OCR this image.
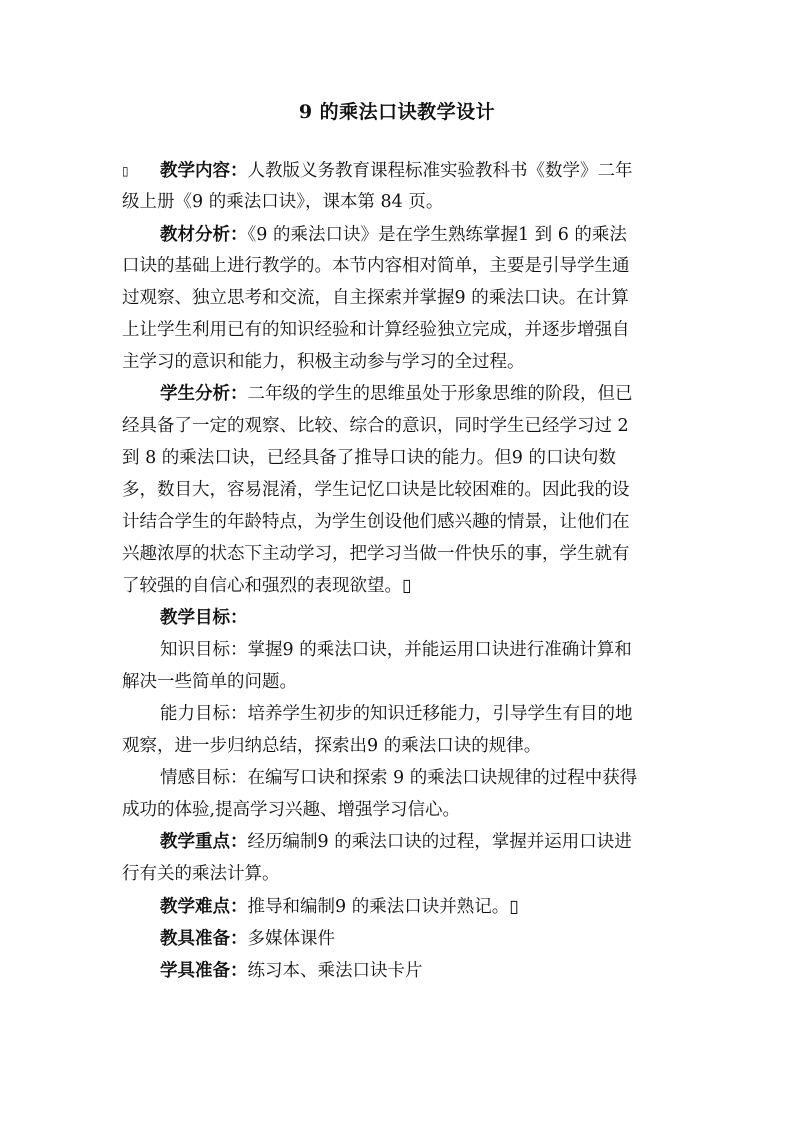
9 的乘法口诀教学设计
▯ 教学内容：人教版义务教育课程标准实验教科书《数学》二年
级上册《9 的乘法口诀》，课本第 84 页。
教材分析：《9 的乘法口诀》是在学生熟练掌握1 到 6 的乘法
口诀的基础上进行教学的。本节内容相对简单，主要是引导学生通
过观察、独立思考和交流，自主探索并掌握9 的乘法口诀。在计算
上让学生利用已有的知识经验和计算经验独立完成，并逐步增强自
主学习的意识和能力，积极主动参与学习的全过程。
学生分析：二年级的学生的思维虽处于形象思维的阶段，但已
经具备了一定的观察、比较、综合的意识，同时学生已经学习过 2
到 8 的乘法口诀，已经具备了推导口诀的能力。但9 的口诀句数
多，数目大，容易混淆，学生记忆口诀是比较困难的。因此我的设
计结合学生的年龄特点，为学生创设他们感兴趣的情景，让他们在
兴趣浓厚的状态下主动学习，把学习当做一件快乐的事，学生就有
了较强的自信心和强烈的表现欲望。▯
教学目标：
知识目标：掌握9 的乘法口诀，并能运用口诀进行准确计算和
解决一些简单的问题。
能力目标：培养学生初步的知识迁移能力，引导学生有目的地
观察，进一步归纳总结，探索出9 的乘法口诀的规律。
情感目标：在编写口诀和探索 9 的乘法口诀规律的过程中获得
成功的体验,提高学习兴趣、增强学习信心。
教学重点：经历编制9 的乘法口诀的过程，掌握并运用口诀进
行有关的乘法计算。
教学难点：推导和编制9 的乘法口诀并熟记。▯
教具准备：多媒体课件
学具准备：练习本、乘法口诀卡片
